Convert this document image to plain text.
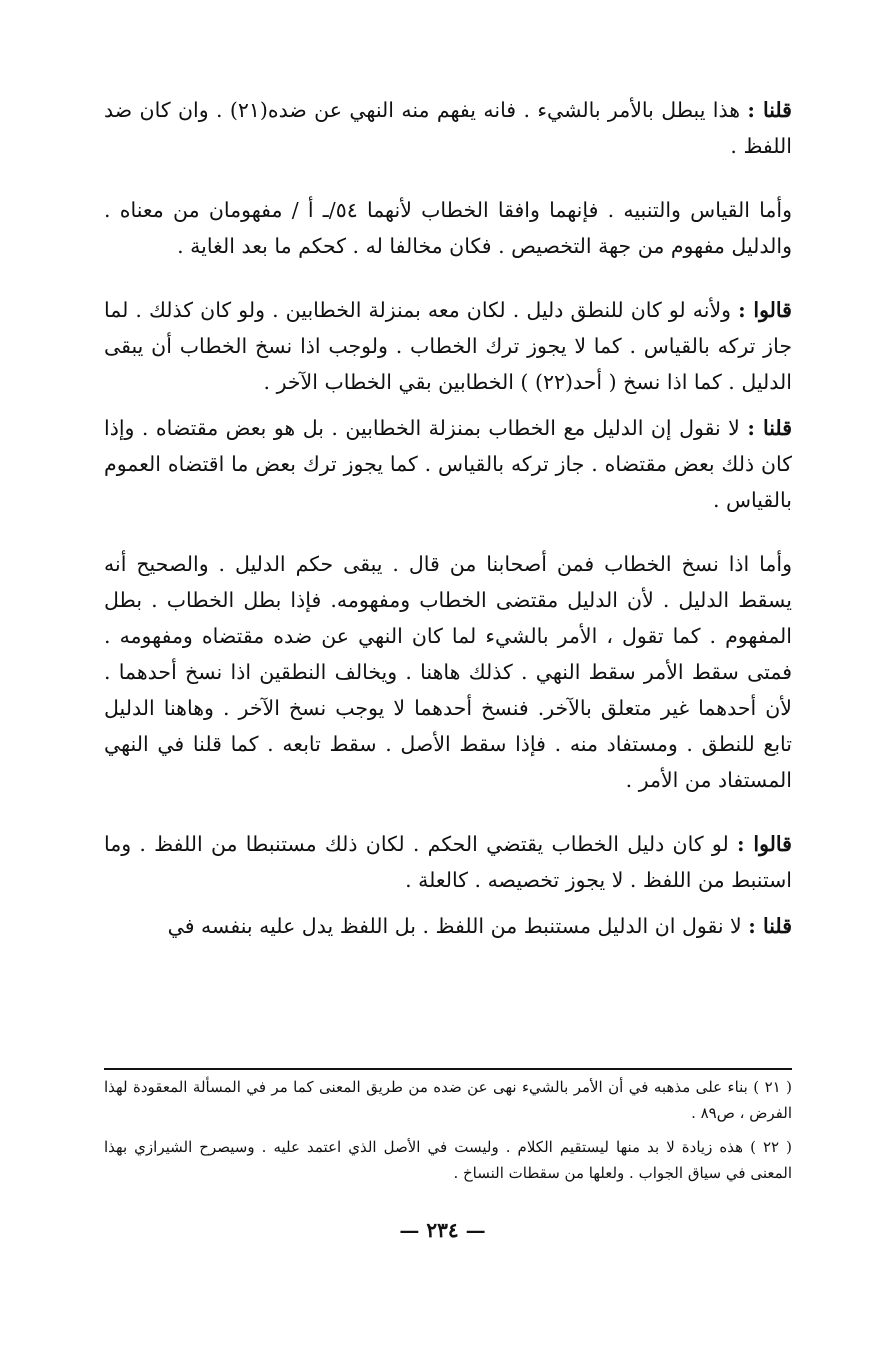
قلنا : هذا يبطل بالأمر بالشيء . فانه يفهم منه النهي عن ضده(٢١) . وان كان ضد اللفظ .

وأما القياس والتنبيه . فإنهما وافقا الخطاب لأنهما ٥٤/ـ أ / مفهومان من معناه . والدليل مفهوم من جهة التخصيص . فكان مخالفا له . كحكم ما بعد الغاية .

قالوا : ولأنه لو كان للنطق دليل . لكان معه بمنزلة الخطابين . ولو كان كذلك . لما جاز تركه بالقياس . كما لا يجوز ترك الخطاب . ولوجب اذا نسخ الخطاب أن يبقى الدليل . كما اذا نسخ ( أحد(٢٢) ) الخطابين بقي الخطاب الآخر .

قلنا : لا نقول إن الدليل مع الخطاب بمنزلة الخطابين . بل هو بعض مقتضاه . وإذا كان ذلك بعض مقتضاه . جاز تركه بالقياس . كما يجوز ترك بعض ما اقتضاه العموم بالقياس .

وأما اذا نسخ الخطاب فمن أصحابنا من قال . يبقى حكم الدليل . والصحيح أنه يسقط الدليل . لأن الدليل مقتضى الخطاب ومفهومه. فإذا بطل الخطاب . بطل المفهوم . كما تقول ، الأمر بالشيء لما كان النهي عن ضده مقتضاه ومفهومه . فمتى سقط الأمر سقط النهي . كذلك هاهنا . ويخالف النطقين اذا نسخ أحدهما . لأن أحدهما غير متعلق بالآخر. فنسخ أحدهما لا يوجب نسخ الآخر . وهاهنا الدليل تابع للنطق . ومستفاد منه . فإذا سقط الأصل . سقط تابعه . كما قلنا في النهي المستفاد من الأمر .

قالوا : لو كان دليل الخطاب يقتضي الحكم . لكان ذلك مستنبطا من اللفظ . وما استنبط من اللفظ . لا يجوز تخصيصه . كالعلة .

قلنا : لا نقول ان الدليل مستنبط من اللفظ . بل اللفظ يدل عليه بنفسه في

( ٢١ ) بناء على مذهبه في أن الأمر بالشيء نهى عن ضده من طريق المعنى كما مر في المسألة المعقودة لهذا الفرض ، ص٨٩ .

( ٢٢ ) هذه زيادة لا بد منها ليستقيم الكلام . وليست في الأصل الذي اعتمد عليه . وسيصرح الشيرازي بهذا المعنى في سياق الجواب . ولعلها من سقطات النساخ .

— ٢٣٤ —
